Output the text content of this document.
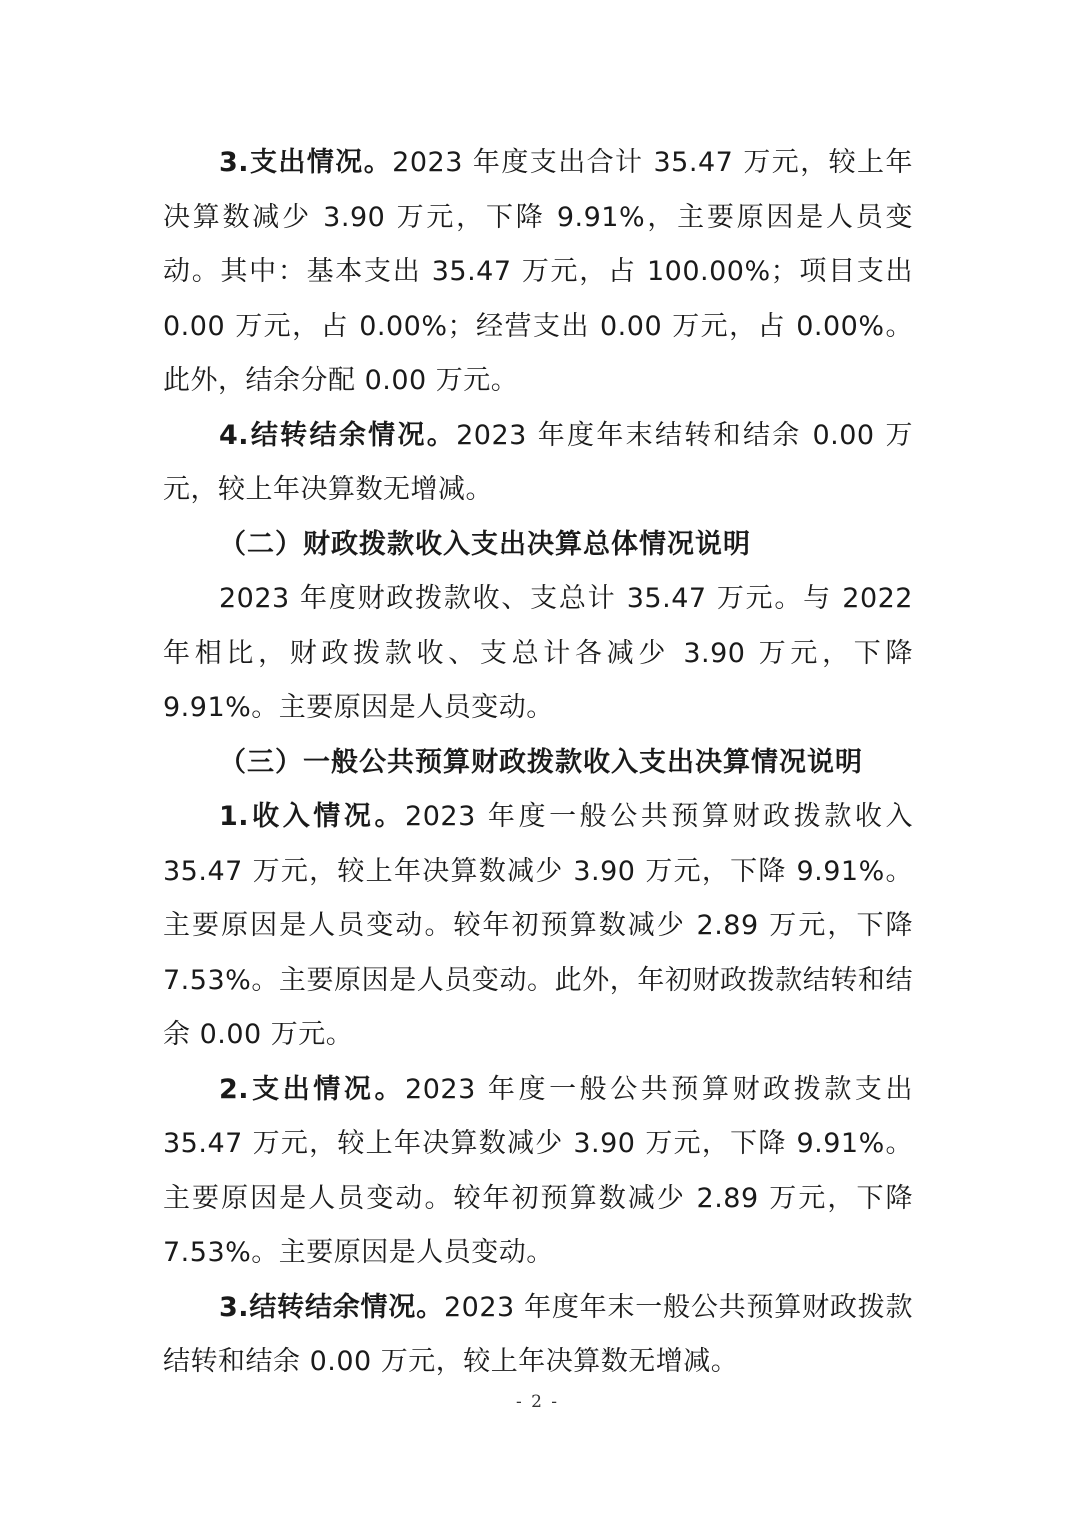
3.支出情况。2023 年度支出合计 35.47 万元，较上年决算数减少 3.90 万元，下降 9.91%，主要原因是人员变动。其中：基本支出 35.47 万元，占 100.00%；项目支出 0.00 万元，占 0.00%；经营支出 0.00 万元，占 0.00%。此外，结余分配 0.00 万元。

4.结转结余情况。2023 年度年末结转和结余 0.00 万元，较上年决算数无增减。

（二）财政拨款收入支出决算总体情况说明

2023 年度财政拨款收、支总计 35.47 万元。与 2022 年相比，财政拨款收、支总计各减少 3.90 万元，下降 9.91%。主要原因是人员变动。

（三）一般公共预算财政拨款收入支出决算情况说明

1.收入情况。2023 年度一般公共预算财政拨款收入 35.47 万元，较上年决算数减少 3.90 万元，下降 9.91%。主要原因是人员变动。较年初预算数减少 2.89 万元，下降 7.53%。主要原因是人员变动。此外，年初财政拨款结转和结余 0.00 万元。

2.支出情况。2023 年度一般公共预算财政拨款支出 35.47 万元，较上年决算数减少 3.90 万元，下降 9.91%。主要原因是人员变动。较年初预算数减少 2.89 万元，下降 7.53%。主要原因是人员变动。

3.结转结余情况。2023 年度年末一般公共预算财政拨款结转和结余 0.00 万元，较上年决算数无增减。

- 2 -
